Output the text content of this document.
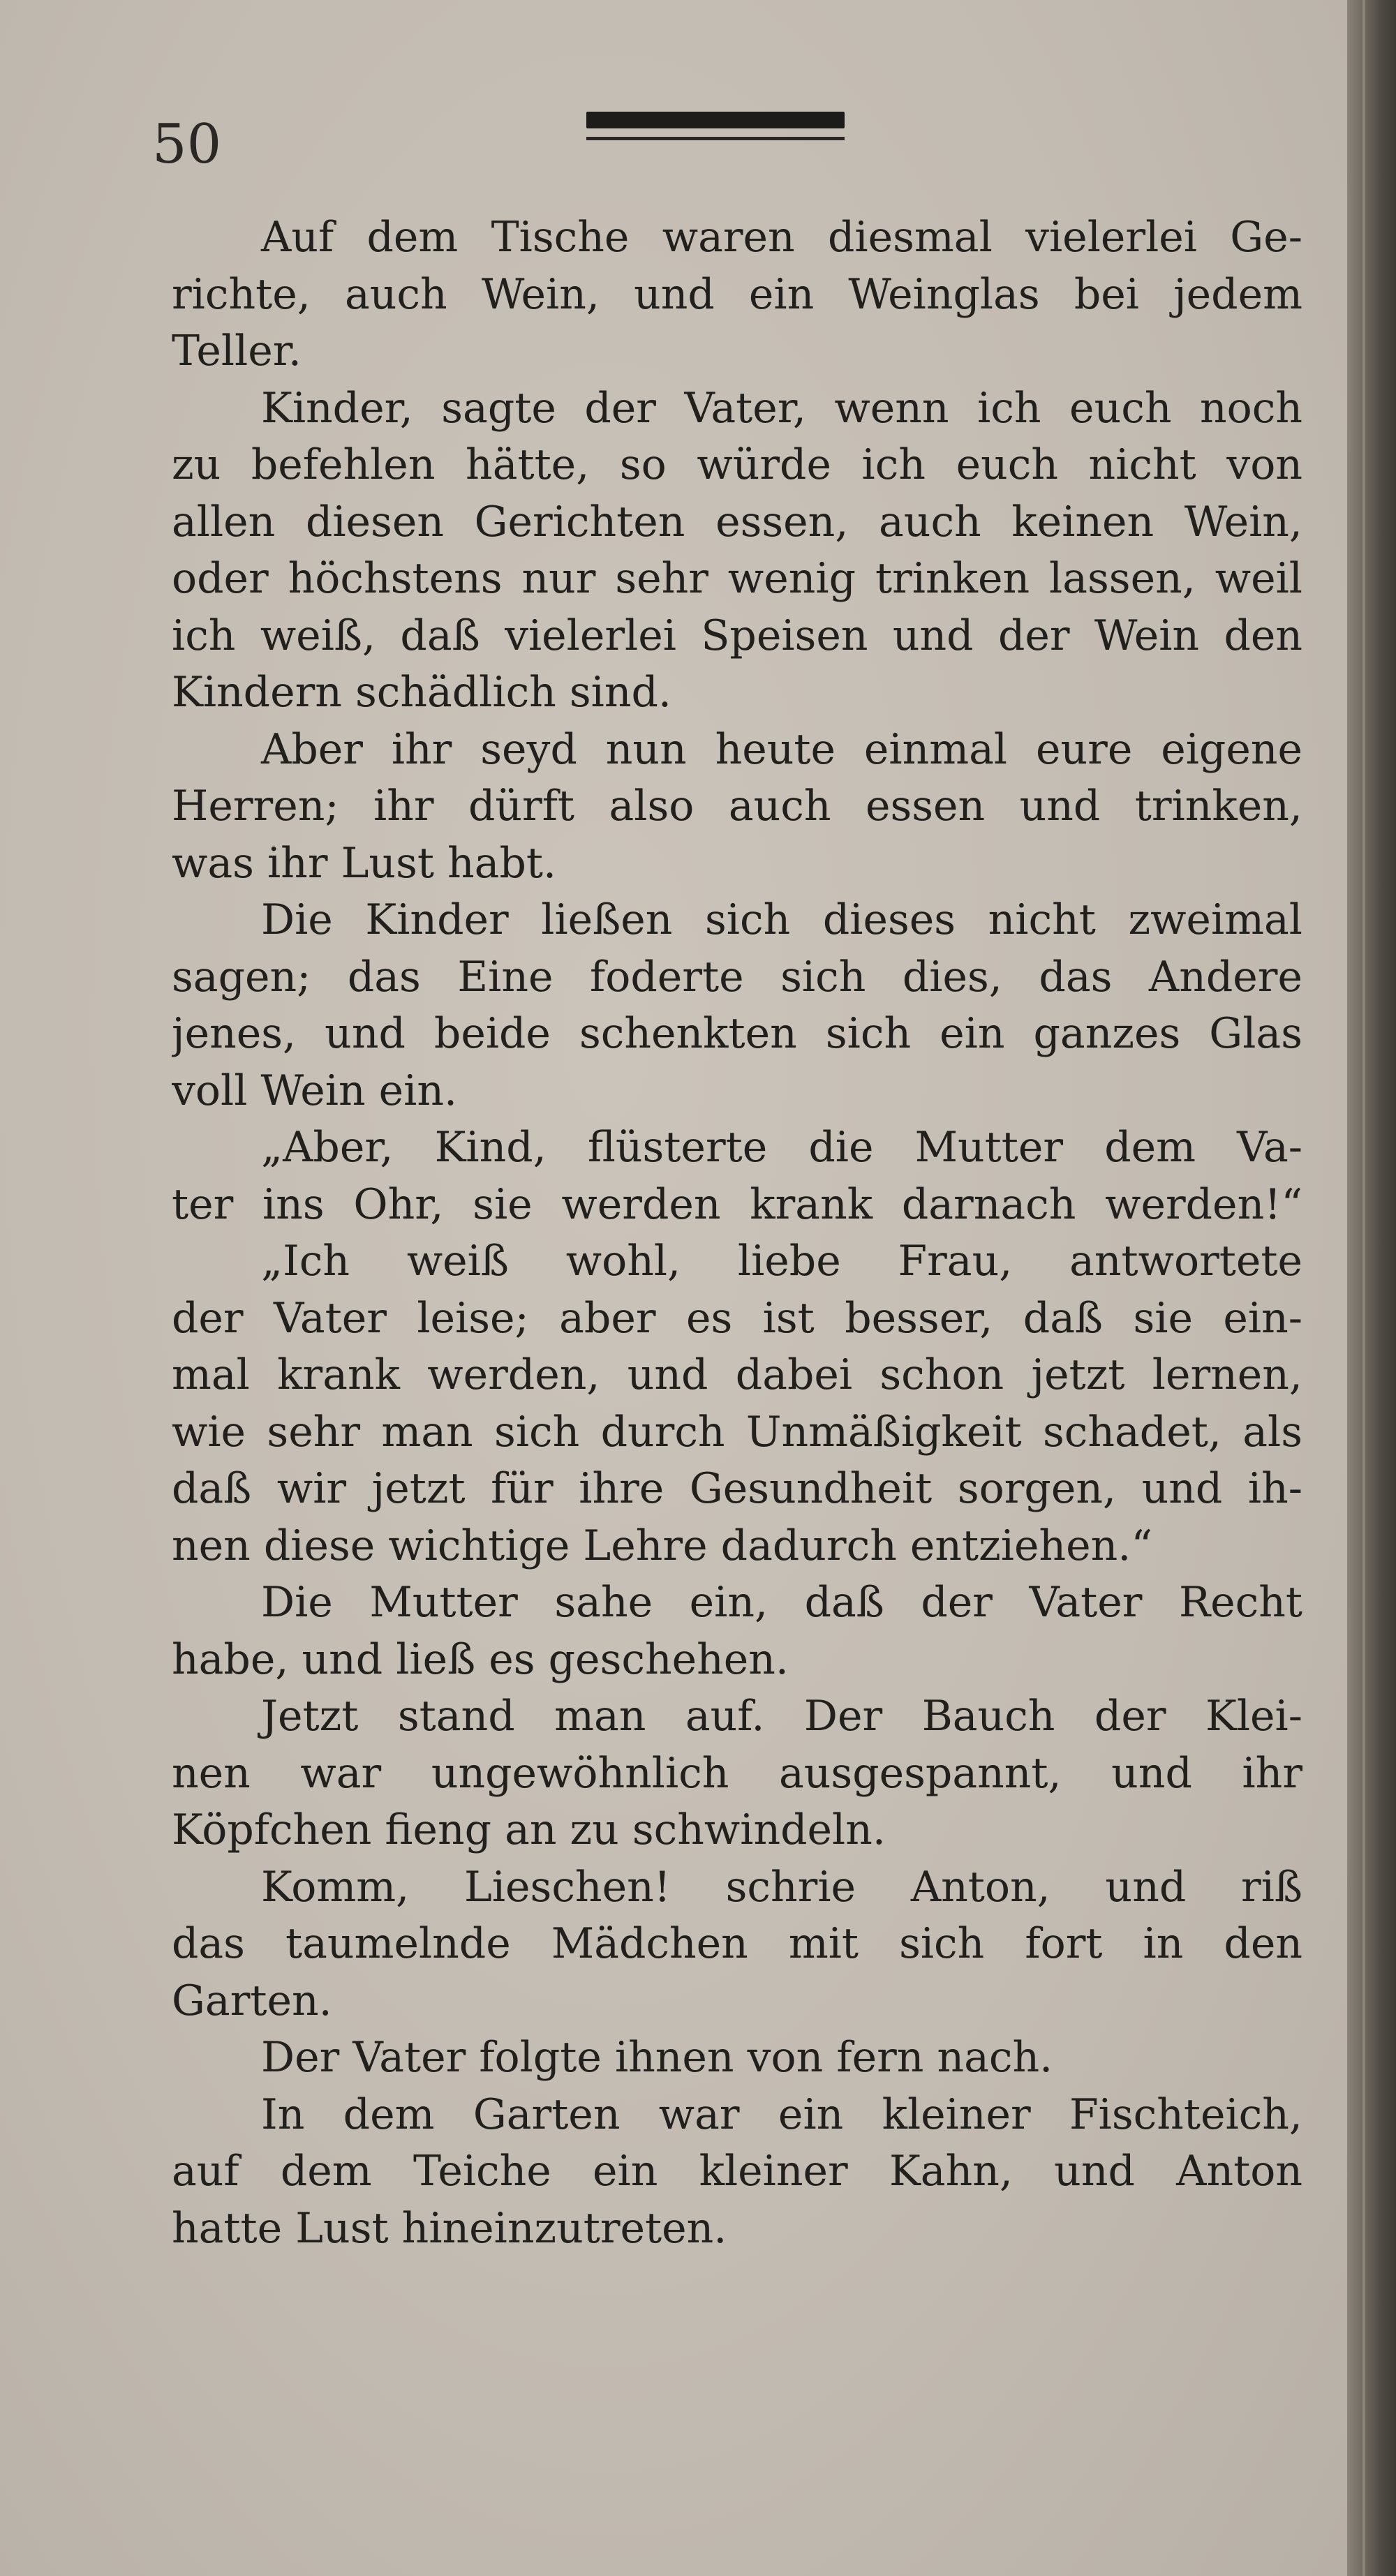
50
Auf dem Tische waren diesmal vielerlei Ge-
richte, auch Wein, und ein Weinglas bei jedem
Teller.
Kinder, sagte der Vater, wenn ich euch noch
zu befehlen hätte, so würde ich euch nicht von
allen diesen Gerichten essen, auch keinen Wein,
oder höchstens nur sehr wenig trinken lassen, weil
ich weiß, daß vielerlei Speisen und der Wein den
Kindern schädlich sind.
Aber ihr seyd nun heute einmal eure eigene
Herren; ihr dürft also auch essen und trinken,
was ihr Lust habt.
Die Kinder ließen sich dieses nicht zweimal
sagen; das Eine foderte sich dies, das Andere
jenes, und beide schenkten sich ein ganzes Glas
voll Wein ein.
„Aber, Kind, flüsterte die Mutter dem Va-
ter ins Ohr, sie werden krank darnach werden!“
„Ich weiß wohl, liebe Frau, antwortete
der Vater leise; aber es ist besser, daß sie ein-
mal krank werden, und dabei schon jetzt lernen,
wie sehr man sich durch Unmäßigkeit schadet, als
daß wir jetzt für ihre Gesundheit sorgen, und ih-
nen diese wichtige Lehre dadurch entziehen.“
Die Mutter sahe ein, daß der Vater Recht
habe, und ließ es geschehen.
Jetzt stand man auf. Der Bauch der Klei-
nen war ungewöhnlich ausgespannt, und ihr
Köpfchen fieng an zu schwindeln.
Komm, Lieschen! schrie Anton, und riß
das taumelnde Mädchen mit sich fort in den
Garten.
Der Vater folgte ihnen von fern nach.
In dem Garten war ein kleiner Fischteich,
auf dem Teiche ein kleiner Kahn, und Anton
hatte Lust hineinzutreten.
